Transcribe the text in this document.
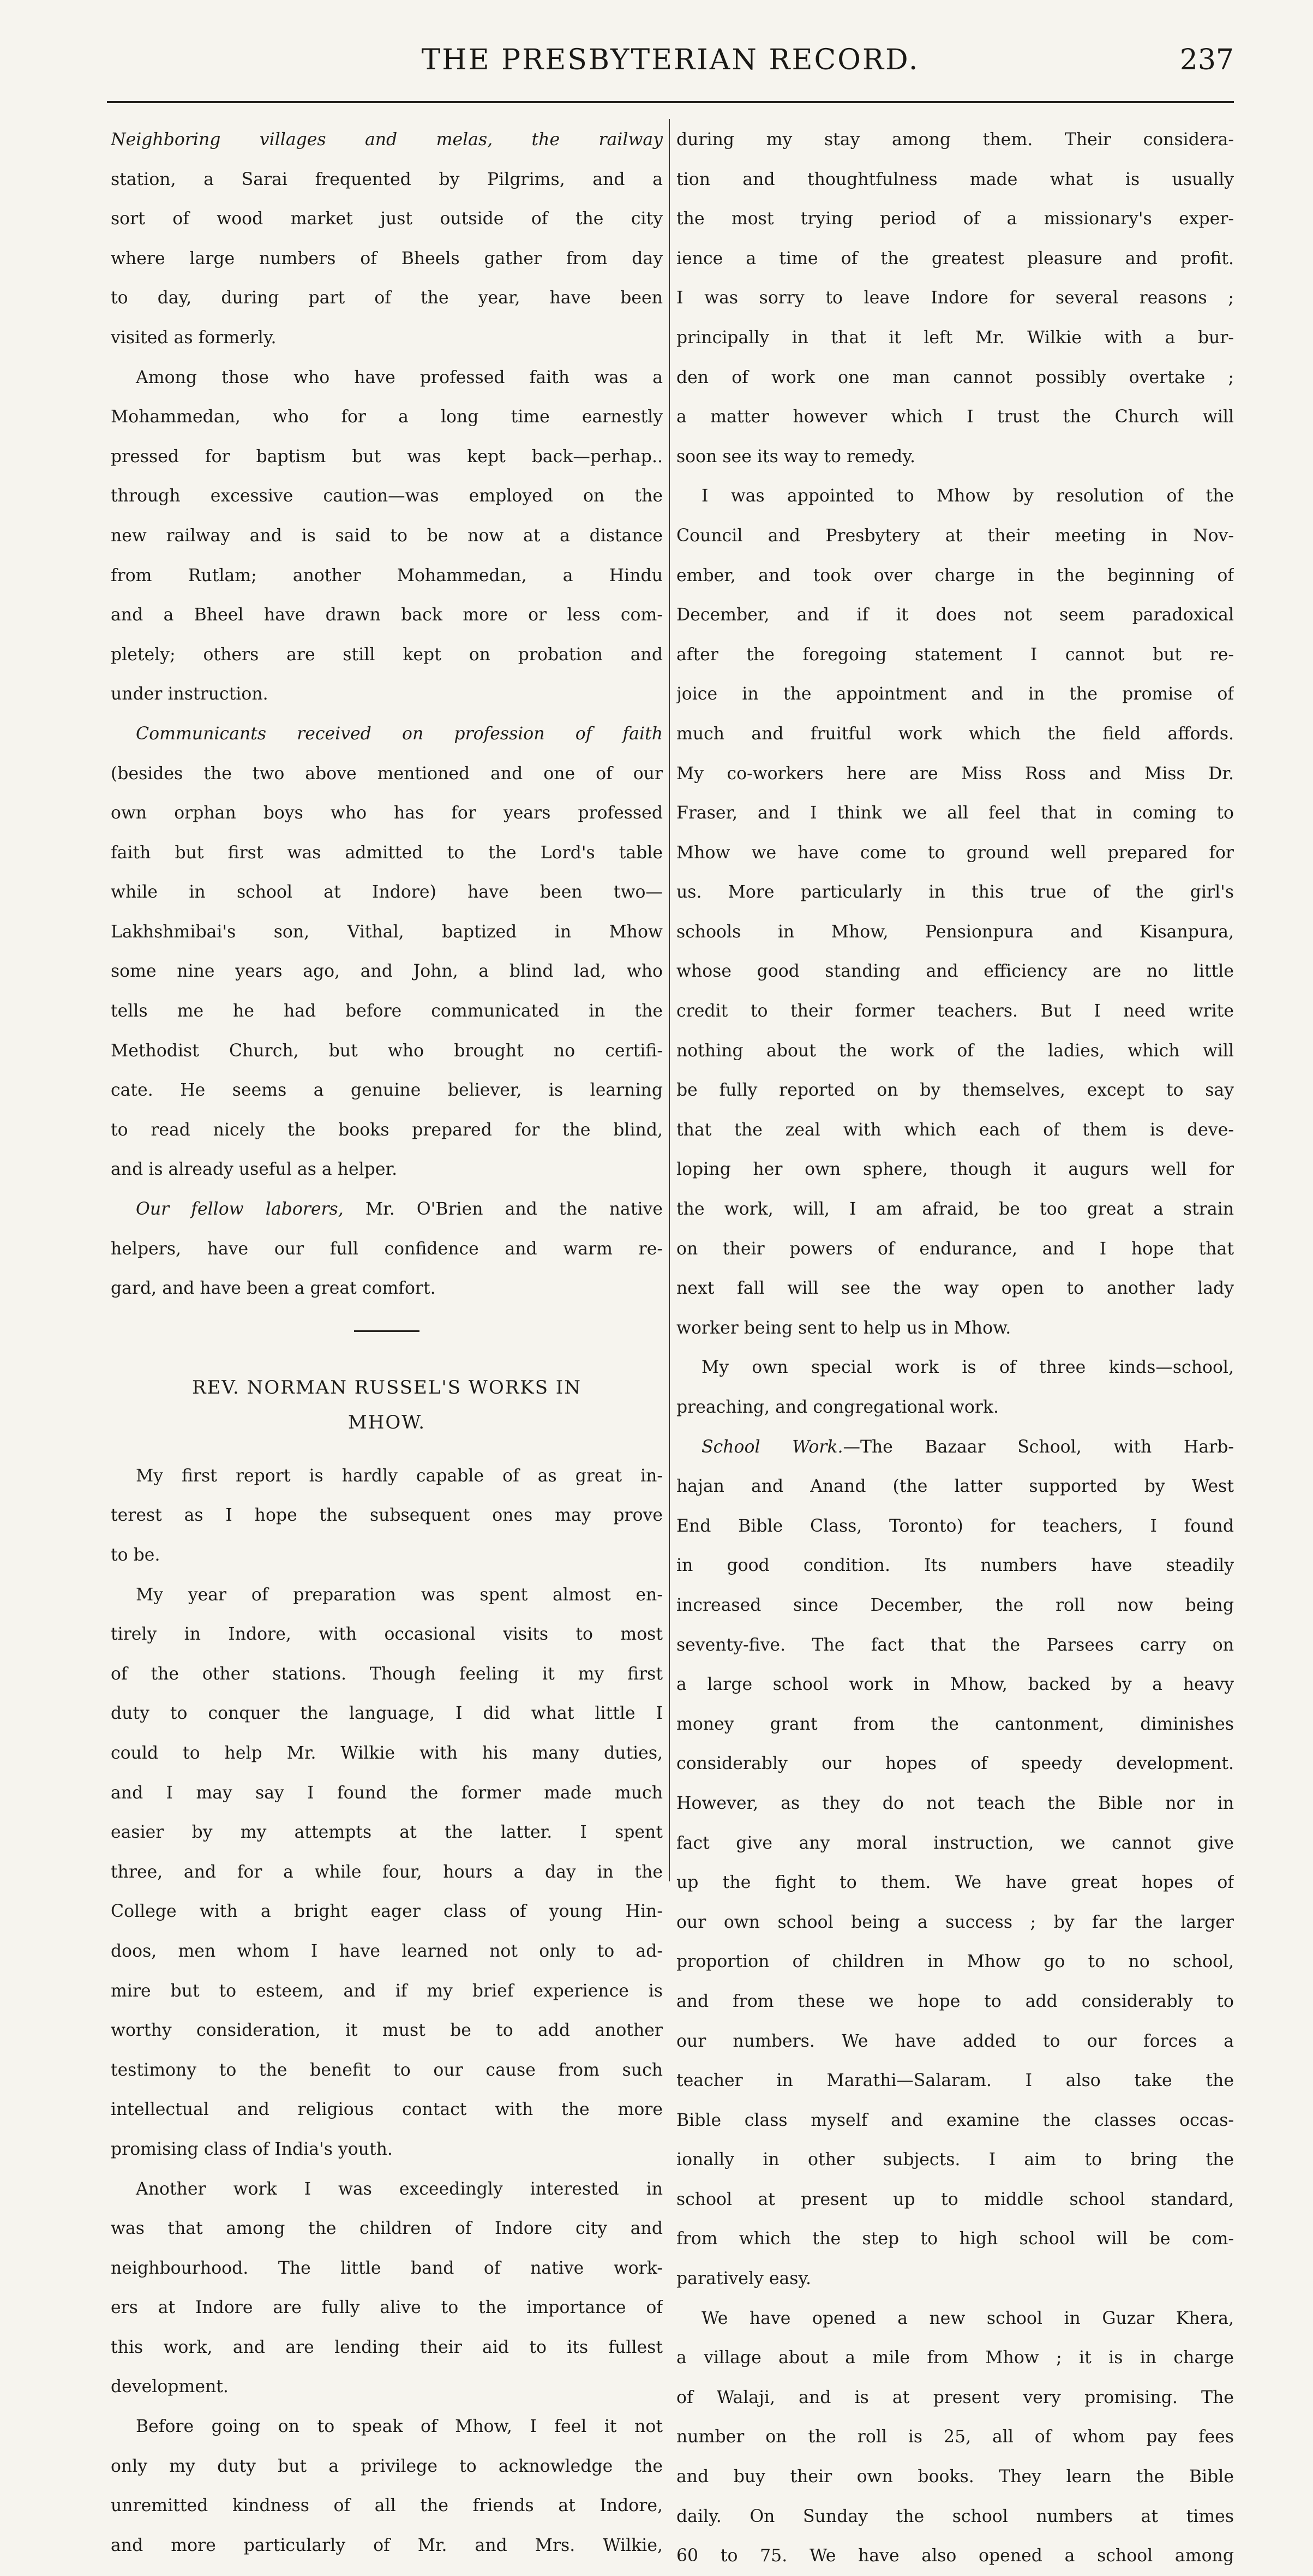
THE PRESBYTERIAN RECORD.	237
Neighboring villages and melas, the railway
station, a Sarai frequented by Pilgrims, and a
sort of wood market just outside of the city
where large numbers of Bheels gather from day
to day, during part of the year, have been
visited as formerly.
Among those who have professed faith was a
Mohammedan, who for a long time earnestly
pressed for baptism but was kept back—perhap..
through excessive caution—was employed on the
new railway and is said to be now at a distance
from Rutlam; another Mohammedan, a Hindu
and a Bheel have drawn back more or less com-
pletely; others are still kept on probation and
under instruction.
Communicants received on profession of faith
(besides the two above mentioned and one of our
own orphan boys who has for years professed
faith but first was admitted to the Lord's table
while in school at Indore) have been two—
Lakhshmibai's son, Vithal, baptized in Mhow
some nine years ago, and John, a blind lad, who
tells me he had before communicated in the
Methodist Church, but who brought no certifi-
cate. He seems a genuine believer, is learning
to read nicely the books prepared for the blind,
and is already useful as a helper.
Our fellow laborers, Mr. O'Brien and the native
helpers, have our full confidence and warm re-
gard, and have been a great comfort.
REV. NORMAN RUSSEL'S WORKS IN
MHOW.
My first report is hardly capable of as great in-
terest as I hope the subsequent ones may prove
to be.
My year of preparation was spent almost en-
tirely in Indore, with occasional visits to most
of the other stations. Though feeling it my first
duty to conquer the language, I did what little I
could to help Mr. Wilkie with his many duties,
and I may say I found the former made much
easier by my attempts at the latter. I spent
three, and for a while four, hours a day in the
College with a bright eager class of young Hin-
doos, men whom I have learned not only to ad-
mire but to esteem, and if my brief experience is
worthy consideration, it must be to add another
testimony to the benefit to our cause from such
intellectual and religious contact with the more
promising class of India's youth.
Another work I was exceedingly interested in
was that among the children of Indore city and
neighbourhood. The little band of native work-
ers at Indore are fully alive to the importance of
this work, and are lending their aid to its fullest
development.
Before going on to speak of Mhow, I feel it not
only my duty but a privilege to acknowledge the
unremitted kindness of all the friends at Indore,
and more particularly of Mr. and Mrs. Wilkie,
during my stay among them. Their considera-
tion and thoughtfulness made what is usually
the most trying period of a missionary's exper-
ience a time of the greatest pleasure and profit.
I was sorry to leave Indore for several reasons ;
principally in that it left Mr. Wilkie with a bur-
den of work one man cannot possibly overtake ;
a matter however which I trust the Church will
soon see its way to remedy.
I was appointed to Mhow by resolution of the
Council and Presbytery at their meeting in Nov-
ember, and took over charge in the beginning of
December, and if it does not seem paradoxical
after the foregoing statement I cannot but re-
joice in the appointment and in the promise of
much and fruitful work which the field affords.
My co-workers here are Miss Ross and Miss Dr.
Fraser, and I think we all feel that in coming to
Mhow we have come to ground well prepared for
us. More particularly in this true of the girl's
schools in Mhow, Pensionpura and Kisanpura,
whose good standing and efficiency are no little
credit to their former teachers. But I need write
nothing about the work of the ladies, which will
be fully reported on by themselves, except to say
that the zeal with which each of them is deve-
loping her own sphere, though it augurs well for
the work, will, I am afraid, be too great a strain
on their powers of endurance, and I hope that
next fall will see the way open to another lady
worker being sent to help us in Mhow.
My own special work is of three kinds—school,
preaching, and congregational work.
School Work.—The Bazaar School, with Harb-
hajan and Anand (the latter supported by West
End Bible Class, Toronto) for teachers, I found
in good condition. Its numbers have steadily
increased since December, the roll now being
seventy-five. The fact that the Parsees carry on
a large school work in Mhow, backed by a heavy
money grant from the cantonment, diminishes
considerably our hopes of speedy development.
However, as they do not teach the Bible nor in
fact give any moral instruction, we cannot give
up the fight to them. We have great hopes of
our own school being a success ; by far the larger
proportion of children in Mhow go to no school,
and from these we hope to add considerably to
our numbers. We have added to our forces a
teacher in Marathi—Salaram. I also take the
Bible class myself and examine the classes occas-
ionally in other subjects. I aim to bring the
school at present up to middle school standard,
from which the step to high school will be com-
paratively easy.
We have opened a new school in Guzar Khera,
a village about a mile from Mhow ; it is in charge
of Walaji, and is at present very promising. The
number on the roll is 25, all of whom pay fees
and buy their own books. They learn the Bible
daily. On Sunday the school numbers at times
60 to 75. We have also opened a school among
